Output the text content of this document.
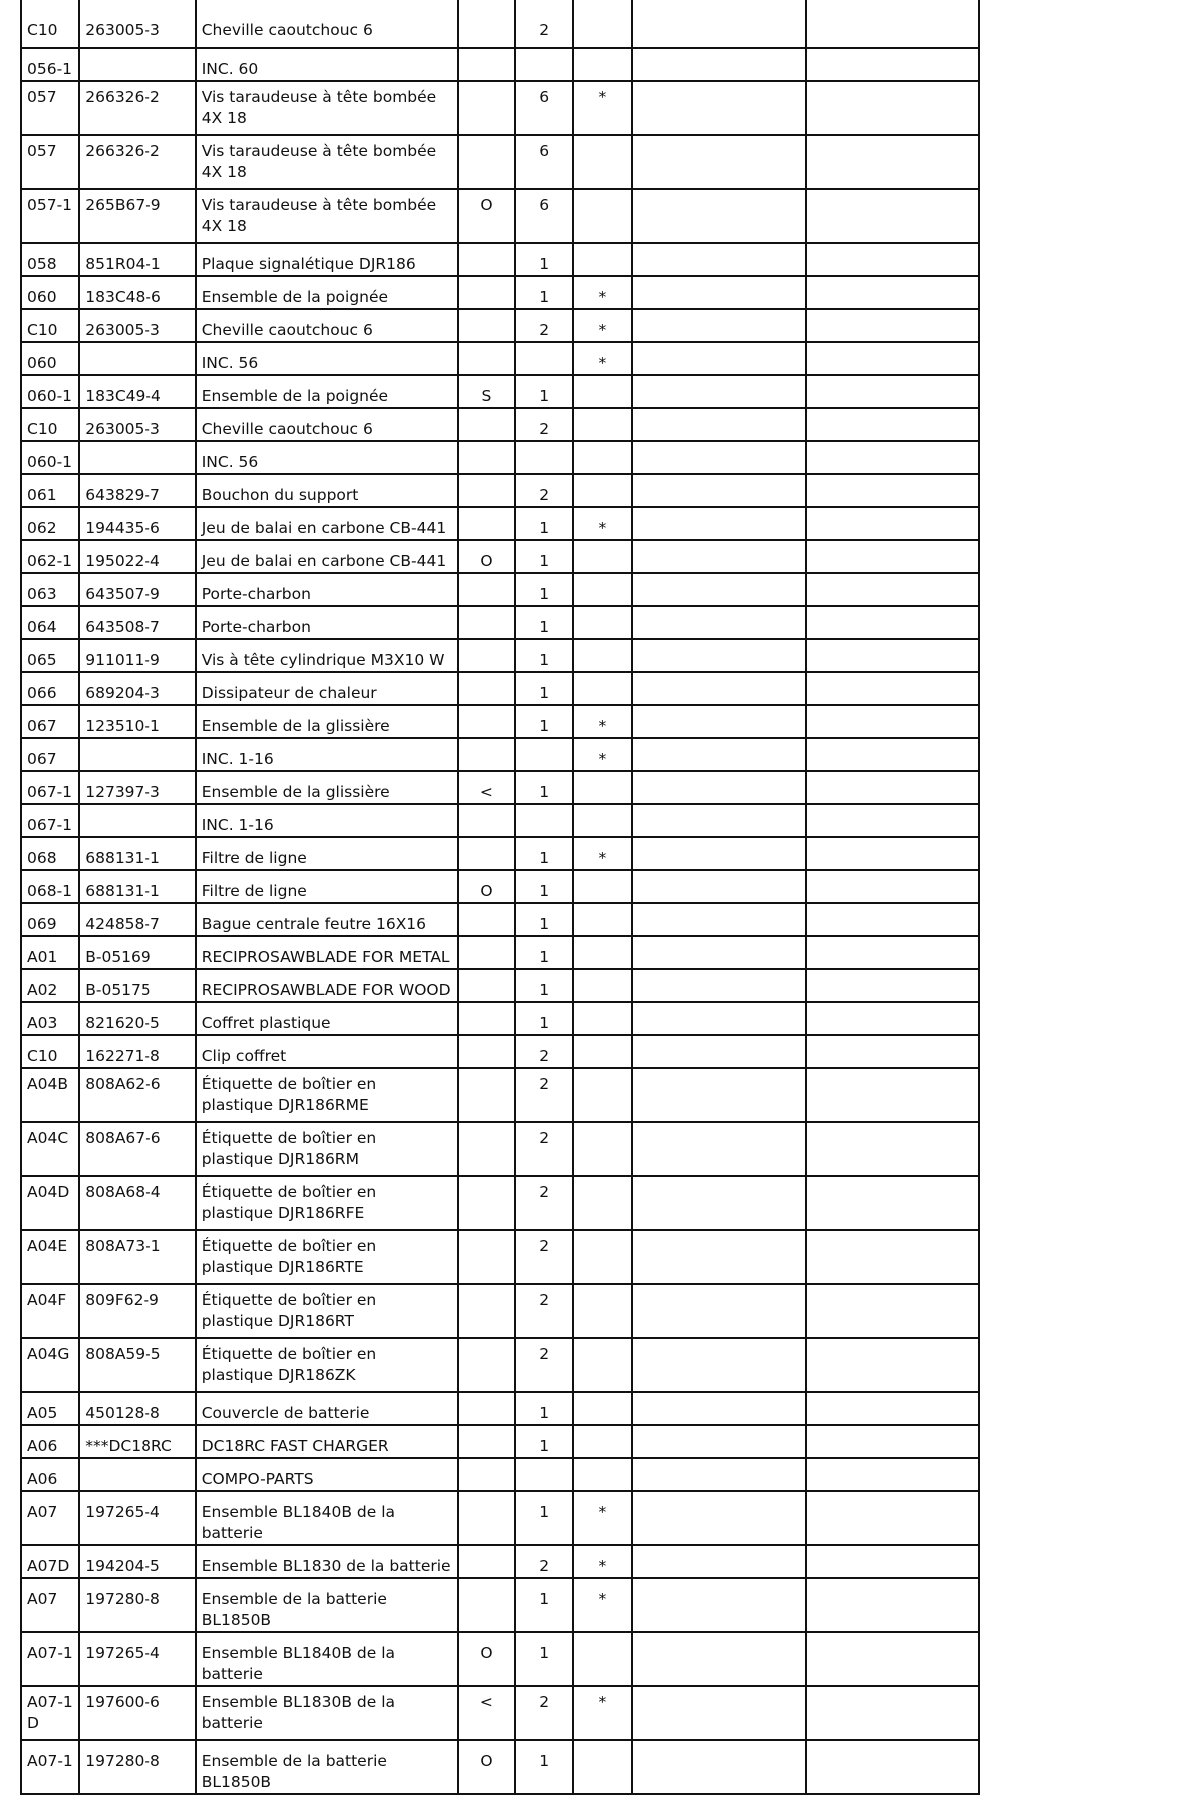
C10	263005-3	Cheville caoutchouc 6		2			
056-1		INC. 60					

057	266326-2	Vis taraudeuse à tête bombée 4X 18		6	*		
057	266326-2	Vis taraudeuse à tête bombée 4X 18		6			
057-1	265B67-9	Vis taraudeuse à tête bombée 4X 18	O	6			
058	851R04-1	Plaque signalétique DJR186		1			
060	183C48-6	Ensemble de la poignée		1	*		
C10	263005-3	Cheville caoutchouc 6		2	*		
060		INC. 56			*		
060-1	183C49-4	Ensemble de la poignée	S	1			
C10	263005-3	Cheville caoutchouc 6		2			
060-1		INC. 56					

061	643829-7	Bouchon du support		2			
062	194435-6	Jeu de balai en carbone CB-441		1	*		
062-1	195022-4	Jeu de balai en carbone CB-441	O	1			
063	643507-9	Porte-charbon		1			
064	643508-7	Porte-charbon		1			
065	911011-9	Vis à tête cylindrique M3X10 W		1			
066	689204-3	Dissipateur de chaleur		1			
067	123510-1	Ensemble de la glissière		1	*		
067		INC. 1-16			*		
067-1	127397-3	Ensemble de la glissière	<	1			
067-1		INC. 1-16					

068	688131-1	Filtre de ligne		1	*		
068-1	688131-1	Filtre de ligne	O	1			
069	424858-7	Bague centrale feutre 16X16		1			
A01	B-05169	RECIPROSAWBLADE FOR METAL		1			
A02	B-05175	RECIPROSAWBLADE FOR WOOD		1			
A03	821620-5	Coffret plastique		1			
C10	162271-8	Clip coffret		2			
A04B	808A62-6	Étiquette de boîtier en plastique DJR186RME		2			
A04C	808A67-6	Étiquette de boîtier en plastique DJR186RM		2			
A04D	808A68-4	Étiquette de boîtier en plastique DJR186RFE		2			
A04E	808A73-1	Étiquette de boîtier en plastique DJR186RTE		2			
A04F	809F62-9	Étiquette de boîtier en plastique DJR186RT		2			
A04G	808A59-5	Étiquette de boîtier en plastique DJR186ZK		2			
A05	450128-8	Couvercle de batterie		1			
A06	***DC18RC	DC18RC FAST CHARGER		1			
A06		COMPO-PARTS					

A07	197265-4	Ensemble BL1840B de la batterie		1	*		
A07D	194204-5	Ensemble BL1830 de la batterie		2	*		
A07	197280-8	Ensemble de la batterie BL1850B		1	*		
A07-1	197265-4	Ensemble BL1840B de la batterie	O	1			
A07-1 D	197600-6	Ensemble BL1830B de la batterie	<	2	*		
A07-1	197280-8	Ensemble de la batterie BL1850B	O	1			
